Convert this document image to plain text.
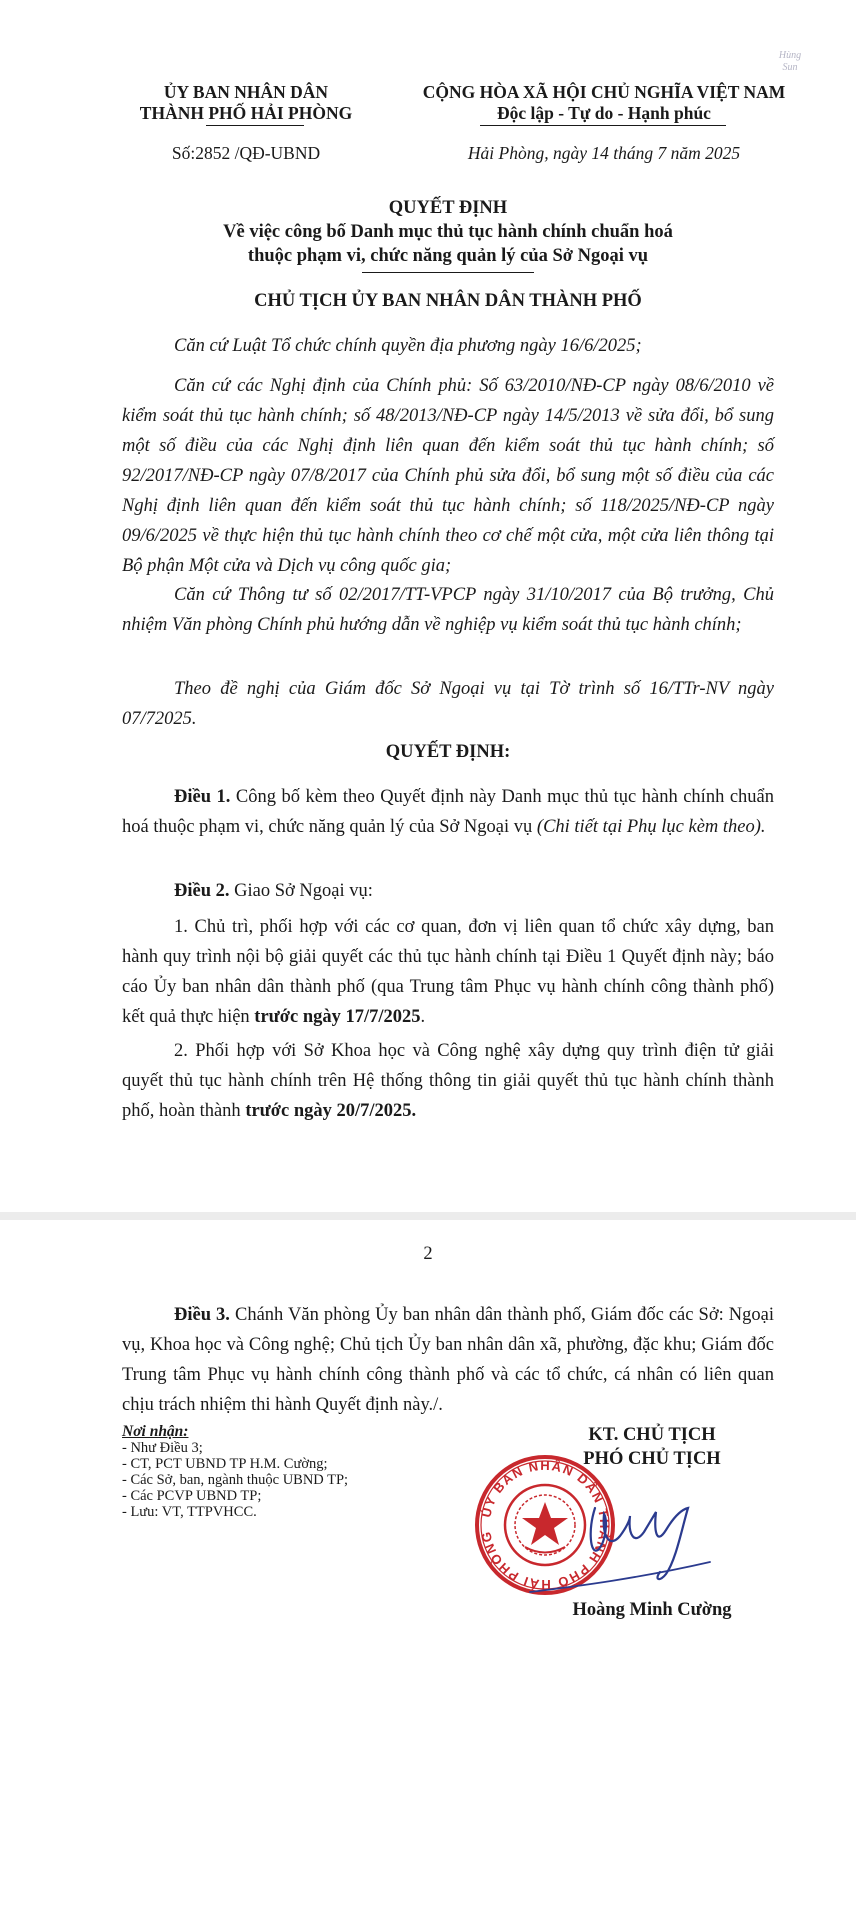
Hùng
Sun
ỦY BAN NHÂN DÂN
THÀNH PHỐ HẢI PHÒNG
Số:2852 /QĐ-UBND
CỘNG HÒA XÃ HỘI CHỦ NGHĨA VIỆT NAM
Độc lập - Tự do - Hạnh phúc
Hải Phòng, ngày 14 tháng 7 năm 2025
QUYẾT ĐỊNH
Về việc công bố Danh mục thủ tục hành chính chuẩn hoá
thuộc phạm vi, chức năng quản lý của Sở Ngoại vụ
CHỦ TỊCH ỦY BAN NHÂN DÂN THÀNH PHỐ
Căn cứ Luật Tổ chức chính quyền địa phương ngày 16/6/2025;
Căn cứ các Nghị định của Chính phủ: Số 63/2010/NĐ-CP ngày 08/6/2010 về kiểm soát thủ tục hành chính; số 48/2013/NĐ-CP ngày 14/5/2013 về sửa đổi, bổ sung một số điều của các Nghị định liên quan đến kiểm soát thủ tục hành chính; số 92/2017/NĐ-CP ngày 07/8/2017 của Chính phủ sửa đổi, bổ sung một số điều của các Nghị định liên quan đến kiểm soát thủ tục hành chính; số 118/2025/NĐ-CP ngày 09/6/2025 về thực hiện thủ tục hành chính theo cơ chế một cửa, một cửa liên thông tại Bộ phận Một cửa và Dịch vụ công quốc gia;
Căn cứ Thông tư số 02/2017/TT-VPCP ngày 31/10/2017 của Bộ trưởng, Chủ nhiệm Văn phòng Chính phủ hướng dẫn về nghiệp vụ kiểm soát thủ tục hành chính;
Theo đề nghị của Giám đốc Sở Ngoại vụ tại Tờ trình số 16/TTr-NV ngày 07/72025.
QUYẾT ĐỊNH:
Điều 1. Công bố kèm theo Quyết định này Danh mục thủ tục hành chính chuẩn hoá thuộc phạm vi, chức năng quản lý của Sở Ngoại vụ (Chi tiết tại Phụ lục kèm theo).
Điều 2. Giao Sở Ngoại vụ:
1. Chủ trì, phối hợp với các cơ quan, đơn vị liên quan tổ chức xây dựng, ban hành quy trình nội bộ giải quyết các thủ tục hành chính tại Điều 1 Quyết định này; báo cáo Ủy ban nhân dân thành phố (qua Trung tâm Phục vụ hành chính công thành phố) kết quả thực hiện trước ngày 17/7/2025.
2. Phối hợp với Sở Khoa học và Công nghệ xây dựng quy trình điện tử giải quyết thủ tục hành chính trên Hệ thống thông tin giải quyết thủ tục hành chính thành phố, hoàn thành trước ngày 20/7/2025.
2
Điều 3. Chánh Văn phòng Ủy ban nhân dân thành phố, Giám đốc các Sở: Ngoại vụ, Khoa học và Công nghệ; Chủ tịch Ủy ban nhân dân xã, phường, đặc khu; Giám đốc Trung tâm Phục vụ hành chính công thành phố và các tổ chức, cá nhân có liên quan chịu trách nhiệm thi hành Quyết định này./.
Nơi nhận:
- Như Điều 3;
- CT, PCT UBND TP H.M. Cường;
- Các Sở, ban, ngành thuộc UBND TP;
- Các PCVP UBND TP;
- Lưu: VT, TTPVHCC.
KT. CHỦ TỊCH
PHÓ CHỦ TỊCH
ỦY BAN NHÂN DÂN THÀNH PHỐ HẢI PHÒNG
Hoàng Minh Cường
